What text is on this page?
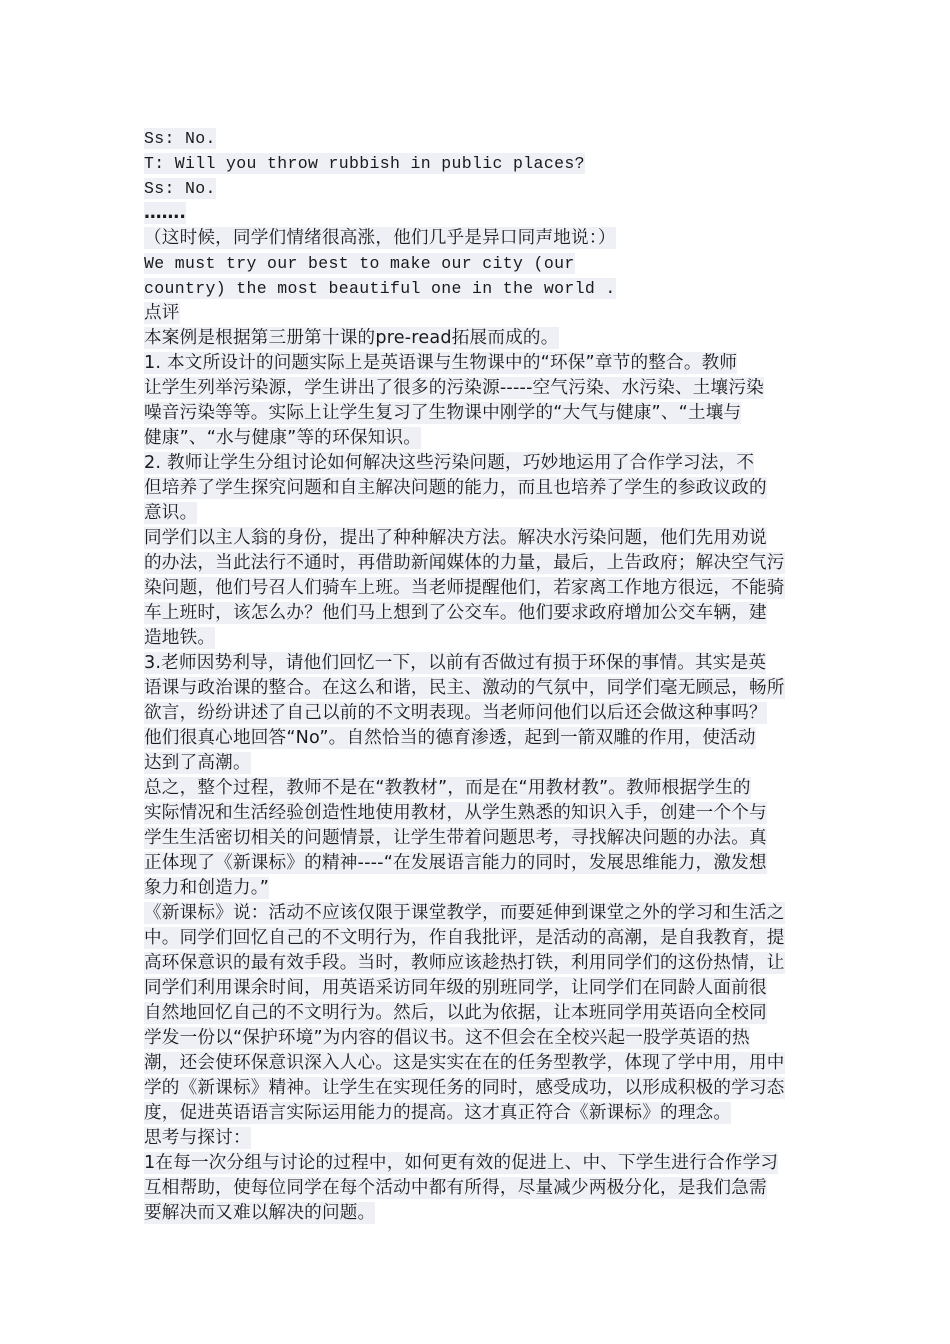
Ss: No.
T: Will you throw rubbish in public places?
Ss: No.
…….
（这时候，同学们情绪很高涨，他们几乎是异口同声地说：）
We must try our best to make our city (our
country) the most beautiful one in the world .
点评
本案例是根据第三册第十课的pre-read拓展而成的。
1. 本文所设计的问题实际上是英语课与生物课中的“环保”章节的整合。教师
让学生列举污染源，学生讲出了很多的污染源-----空气污染、水污染、土壤污染
噪音污染等等。实际上让学生复习了生物课中刚学的“大气与健康”、“土壤与
健康”、“水与健康”等的环保知识。
2. 教师让学生分组讨论如何解决这些污染问题，巧妙地运用了合作学习法，不
但培养了学生探究问题和自主解决问题的能力，而且也培养了学生的参政议政的
意识。
同学们以主人翁的身份，提出了种种解决方法。解决水污染问题，他们先用劝说
的办法，当此法行不通时，再借助新闻媒体的力量，最后，上告政府；解决空气污
染问题，他们号召人们骑车上班。当老师提醒他们，若家离工作地方很远，不能骑
车上班时，该怎么办？他们马上想到了公交车。他们要求政府增加公交车辆，建
造地铁。
3.老师因势利导，请他们回忆一下，以前有否做过有损于环保的事情。其实是英
语课与政治课的整合。在这么和谐，民主、激动的气氛中，同学们毫无顾忌，畅所
欲言，纷纷讲述了自己以前的不文明表现。当老师问他们以后还会做这种事吗？
他们很真心地回答“No”。自然恰当的德育渗透，起到一箭双雕的作用，使活动
达到了高潮。
总之，整个过程，教师不是在“教教材”，而是在“用教材教”。教师根据学生的
实际情况和生活经验创造性地使用教材，从学生熟悉的知识入手，创建一个个与
学生生活密切相关的问题情景，让学生带着问题思考，寻找解决问题的办法。真
正体现了《新课标》的精神----“在发展语言能力的同时，发展思维能力，激发想
象力和创造力。”
《新课标》说：活动不应该仅限于课堂教学，而要延伸到课堂之外的学习和生活之
中。同学们回忆自己的不文明行为，作自我批评，是活动的高潮，是自我教育，提
高环保意识的最有效手段。当时，教师应该趁热打铁，利用同学们的这份热情，让
同学们利用课余时间，用英语采访同年级的别班同学，让同学们在同龄人面前很
自然地回忆自己的不文明行为。然后，以此为依据，让本班同学用英语向全校同
学发一份以“保护环境”为内容的倡议书。这不但会在全校兴起一股学英语的热
潮，还会使环保意识深入人心。这是实实在在的任务型教学，体现了学中用，用中
学的《新课标》精神。让学生在实现任务的同时，感受成功，以形成积极的学习态
度，促进英语语言实际运用能力的提高。这才真正符合《新课标》的理念。
思考与探讨：
1在每一次分组与讨论的过程中，如何更有效的促进上、中、下学生进行合作学习
互相帮助，使每位同学在每个活动中都有所得，尽量减少两极分化，是我们急需
要解决而又难以解决的问题。
